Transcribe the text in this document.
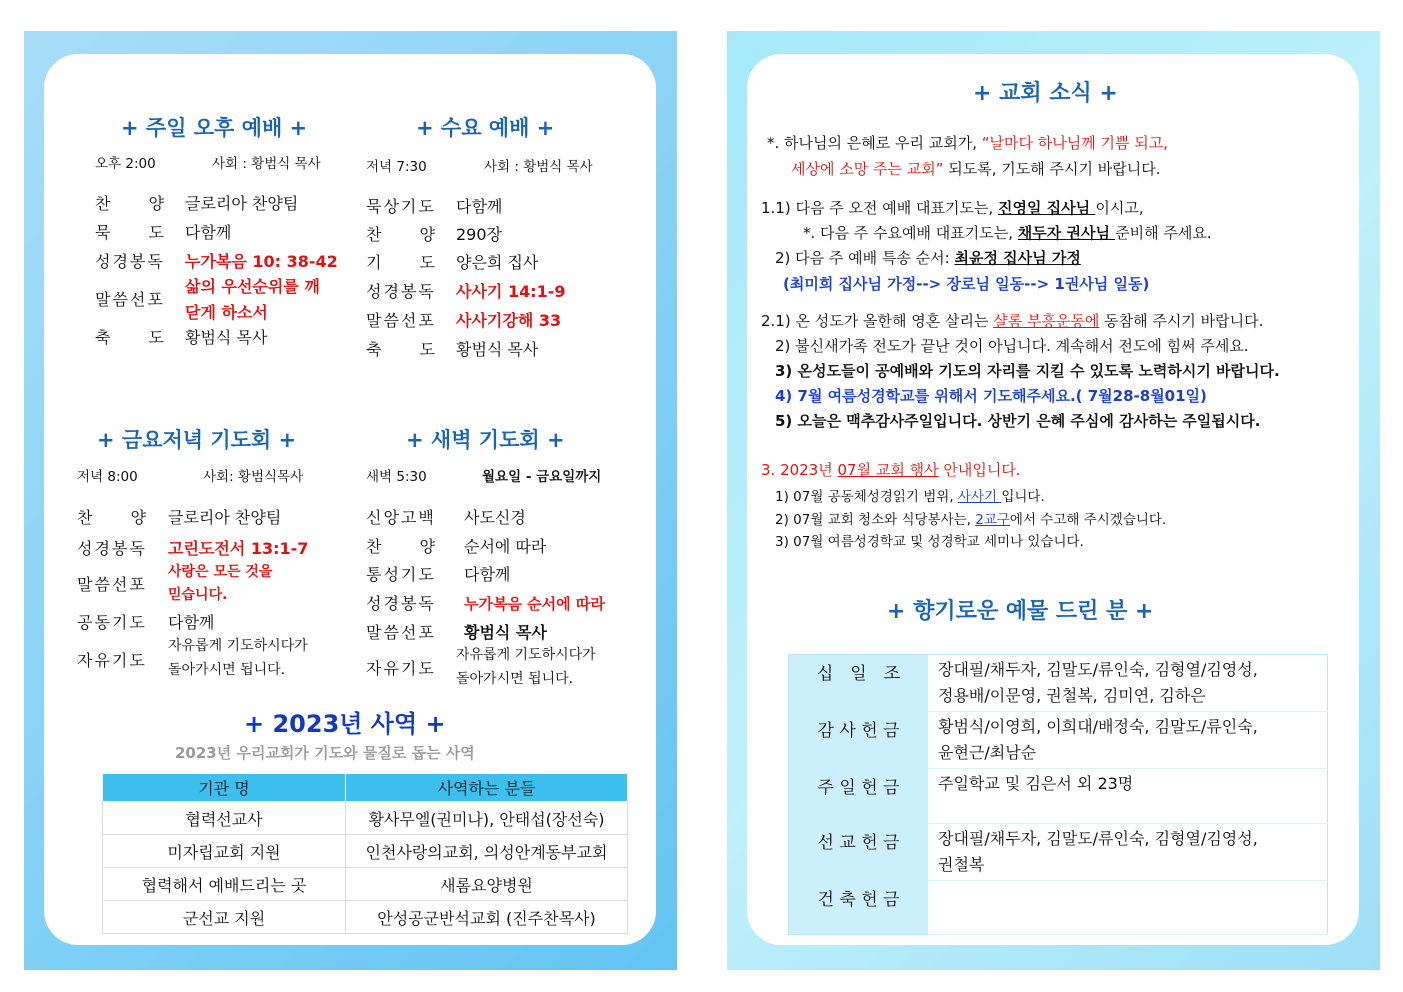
+ 주일 오후 예배 +
오후 2:00	사회 : 황범식 목사
찬　　양 글로리아 찬양팀
묵　　도 다함께
성경봉독 누가복음 10: 38-42
말씀선포
삶의 우선순위를 깨
닫게 하소서
축　　도 황범식 목사
+ 수요 예배 +
저녁 7:30	사회 : 황범식 목사
묵상기도 다함께
찬　　양 290장
기　　도 양은희 집사
성경봉독 사사기 14:1-9
말씀선포 사사기강해 33
축　　도 황범식 목사
+ 금요저녁 기도회 +
저녁 8:00	사회: 황범식목사
찬　　양 글로리아 찬양팀
성경봉독 고린도전서 13:1-7
말씀선포
사랑은 모든 것을
믿습니다.
공동기도 다함께
자유기도
자유롭게 기도하시다가
돌아가시면 됩니다.
+ 새벽 기도회 +
새벽 5:30	월요일 - 금요일까지
신앙고백 사도신경
찬　　양 순서에 따라
통성기도 다함께
성경봉독 누가복음 순서에 따라
말씀선포 황범식 목사
자유기도
자유롭게 기도하시다가
돌아가시면 됩니다.
+ 2023년 사역 +
2023년 우리교회가 기도와 물질로 돕는 사역
기관 명	사역하는 분들
협력선교사	황사무엘(권미나), 안태섭(장선숙)
미자립교회 지원	인천사랑의교회, 의성안계동부교회
협력해서 예배드리는 곳	새롬요양병원
군선교 지원	안성공군반석교회 (진주찬목사)
+ 교회 소식 +
*. 하나님의 은혜로 우리 교회가, “날마다 하나님께 기쁨 되고,
세상에 소망 주는 교회” 되도록, 기도해 주시기 바랍니다.
1.1) 다음 주 오전 예배 대표기도는, 진영일 집사님 이시고,
*. 다음 주 수요예배 대표기도는, 채두자 권사님 준비해 주세요.
2) 다음 주 예배 특송 순서: 최윤정 집사님 가정
(최미희 집사님 가정--> 장로님 일동--> 1권사님 일동)
2.1) 온 성도가 올한해 영혼 살리는 샬롬 부흥운동에 동참해 주시기 바랍니다.
2) 불신새가족 전도가 끝난 것이 아닙니다. 계속해서 전도에 힘써 주세요.
3) 온성도들이 공예배와 기도의 자리를 지킬 수 있도록 노력하시기 바랍니다.
4) 7월 여름성경학교를 위해서 기도해주세요.( 7월28-8월01일)
5) 오늘은 맥추감사주일입니다. 상반기 은혜 주심에 감사하는 주일됩시다.
3. 2023년 07월 교회 행사 안내입니다.
1) 07월 공동체성경읽기 범위, 사사기 입니다.
2) 07월 교회 청소와 식당봉사는, 2교구에서 수고해 주시겠습니다.
3) 07월 여름성경학교 및 성경학교 세미나 있습니다.
+ 향기로운 예물 드린 분 +
십　일　조	장대필/채두자, 김말도/류인숙, 김형열/김영성,
정용배/이문영, 권철복, 김미연, 김하은

감 사 헌 금	황범식/이영희, 이희대/배정숙, 김말도/류인숙,
윤현근/최남순

주 일 헌 금	주일학교 및 김은서 외 23명

선 교 헌 금	장대필/채두자, 김말도/류인숙, 김형열/김영성,
권철복

건 축 헌 금	
